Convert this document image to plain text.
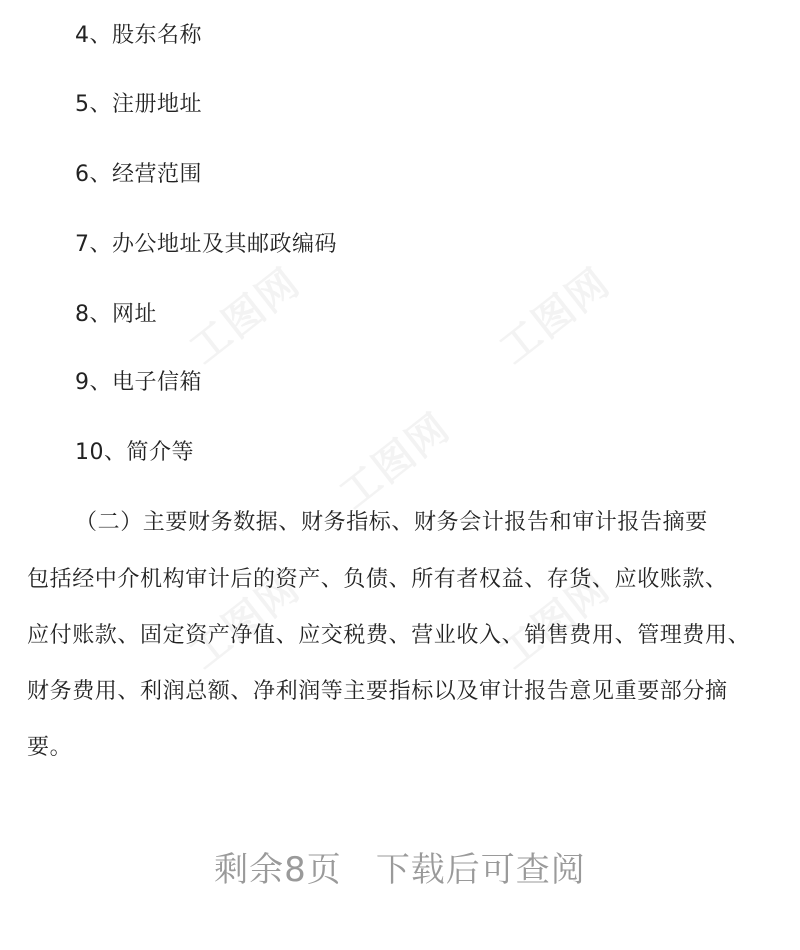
工图网	工图网
工图网
工图网	工图网
4、股东名称
5、注册地址
6、经营范围
7、办公地址及其邮政编码
8、网址
9、电子信箱
10、简介等
（二）主要财务数据、财务指标、财务会计报告和审计报告摘要
包括经中介机构审计后的资产、负债、所有者权益、存货、应收账款、
应付账款、固定资产净值、应交税费、营业收入、销售费用、管理费用、
财务费用、利润总额、净利润等主要指标以及审计报告意见重要部分摘
要。
剩余8页 下载后可查阅
